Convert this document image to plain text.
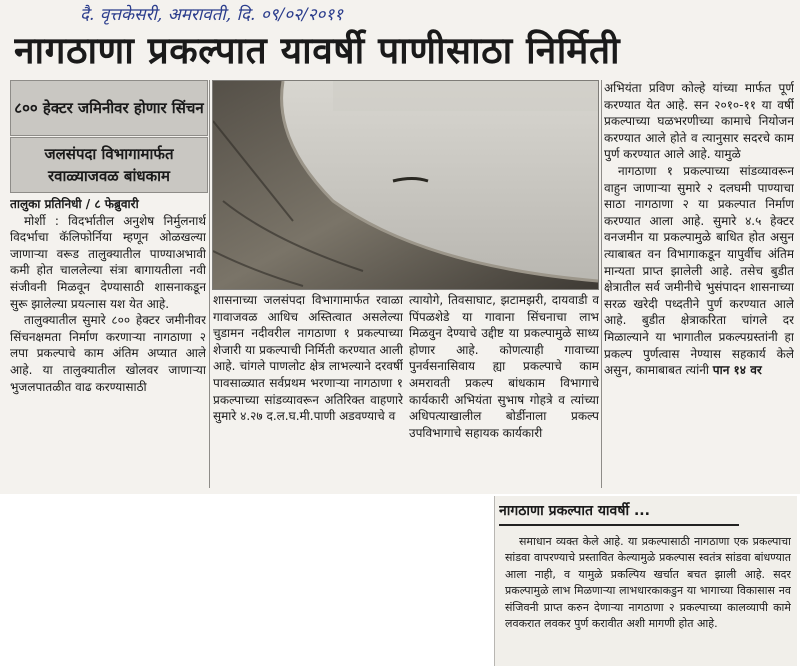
दै. वृत्तकेसरी, अमरावती, दि. ०९/०२/२०११
नागठाणा प्रकल्पात यावर्षी पाणीसाठा निर्मिती
८०० हेक्टर जमिनीवर होणार सिंचन
जलसंपदा विभागामार्फत रवाळ्याजवळ बांधकाम

तालुका प्रतिनिधी / ८ फेब्रुवारी

मोर्शी : विदर्भातील अनुशेष निर्मुलनार्थ विदर्भाचा कॅलिफोर्निया म्हणून ओळखल्या जाणाऱ्या वरूड तालुक्यातील पाण्याअभावी कमी होत चाललेल्या संत्रा बागायतीला नवी संजीवनी मिळवून देण्यासाठी शासनाकडून सुरू झालेल्या प्रयत्नास यश येत आहे.

तालुक्यातील सुमारे ८०० हेक्टर जमीनीवर सिंचनक्षमता निर्माण करणाऱ्या नागठाणा २ लपा प्रकल्पाचे काम अंतिम अप्यात आले आहे. या तालुक्यातील खोलवर जाणाऱ्या भुजलपातळीत वाढ करण्यासाठी

शासनाच्या जलसंपदा विभागामार्फत रवाळा गावाजवळ आधिच अस्तित्वात असलेल्या चुडामन नदीवरील नागठाणा १ प्रकल्पाच्या शेजारी या प्रकल्पाची निर्मिती करण्यात आली आहे. चांगले पाणलोट क्षेत्र लाभल्याने दरवर्षी पावसाळ्यात सर्वप्रथम भरणाऱ्या नागठाणा १ प्रकल्पाच्या सांडव्यावरून अतिरिक्त वाहणारे सुमारे ४.२७ द.ल.घ.मी.पाणी अडवण्याचे व

त्यायोगे, तिवसाघाट, झटामझरी, दायवाडी व पिंपळशेडे या गावाना सिंचनाचा लाभ मिळवुन देण्याचे उद्दीष्ट या प्रकल्पामुळे साध्य होणार आहे. कोणत्याही गावाच्या पुनर्वसनासिवाय ह्या प्रकल्पाचे काम अमरावती प्रकल्प बांधकाम विभागाचे कार्यकारी अभियंता सुभाष गोहत्रे व त्यांच्या अधिपत्याखालील बोर्डीनाला प्रकल्प उपविभागाचे सहायक कार्यकारी

अभियंता प्रविण कोल्हे यांच्या मार्फत पूर्ण करण्यात येत आहे. सन २०१०-११ या वर्षी प्रकल्पाच्या घळभरणीच्या कामाचे नियोजन करण्यात आले होते व त्यानुसार सदरचे काम पुर्ण करण्यात आले आहे. यामुळे

नागठाणा १ प्रकल्पाच्या सांडव्यावरून वाहुन जाणाऱ्या सुमारे २ दलघमी पाण्याचा साठा नागठाणा २ या प्रकल्पात निर्माण करण्यात आला आहे. सुमारे ४.५ हेक्टर वनजमीन या प्रकल्पामुळे बाधित होत असुन त्याबाबत वन विभागाकडून यापुर्वीच अंतिम मान्यता प्राप्त झालेली आहे. तसेच बुडीत क्षेत्रातील सर्व जमीनीचे भुसंपादन शासनाच्या सरळ खरेदी पध्दतीने पुर्ण करण्यात आले आहे. बुडीत क्षेत्राकरिता चांगले दर मिळाल्याने या भागातील प्रकल्पग्रस्तांनी हा प्रकल्प पुर्णत्वास नेण्यास सहकार्य केले असुन, कामाबाबत त्यांनी पान १४ वर

नागठाणा प्रकल्पात यावर्षी ...

समाधान व्यक्त केले आहे. या प्रकल्पासाठी नागठाणा एक प्रकल्पाचा सांडवा वापरण्याचे प्रस्तावित केल्यामुळे प्रकल्पास स्वतंत्र सांडवा बांधण्यात आला नाही, व यामुळे प्रकल्पिय खर्चात बचत झाली आहे. सदर प्रकल्पामुळे लाभ मिळणाऱ्या लाभधारकाकडुन या भागाच्या विकासास नव संजिवनी प्राप्त करुन देणाऱ्या नागठाणा २ प्रकल्पाच्या कालव्यापी कामे लवकरात लवकर पुर्ण करावीत अशी मागणी होत आहे.
